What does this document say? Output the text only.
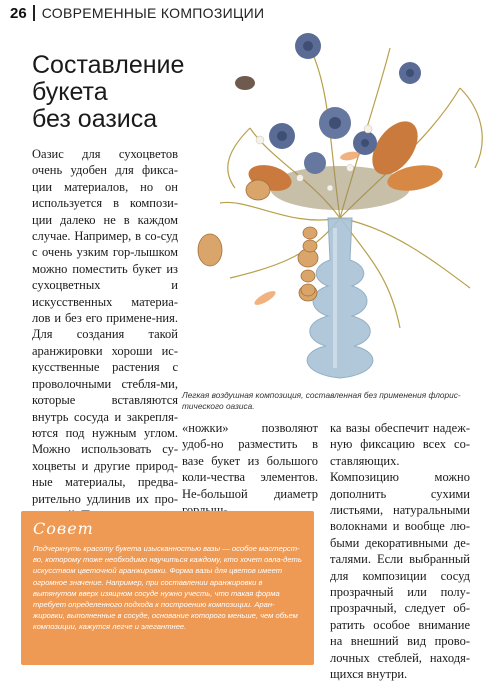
26 СОВРЕМЕННЫЕ КОМПОЗИЦИИ
Составление
букета
без оазиса

Оазис для сухоцветов очень удобен для фикса-ции материалов, но он используется в компози-ции далеко не в каждом случае. Например, в со-суд с очень узким гор-лышком можно поместить букет из сухоцветных и искусственных материа-лов и без его примене-ния. Для создания такой аранжировки хороши ис-кусственные растения с проволочными стебля-ми, которые вставляются внутрь сосуда и закрепля-ются под нужным углом. Можно использовать су-хоцветы и другие природ-ные материалы, предва-рительно удлинив их про-

Легкая воздушная композиция, составленная без применения флорис-тического оазиса.

«ножки» позволяют удоб-но разместить в вазе букет из большого коли-чества элементов. Не-большой диаметр

ка вазы обеспечит надеж-ную фиксацию всех со-ставляющих. Композицию можно дополнить сухими листьями, натуральными волокнами и вообще лю-быми декоративными де-талями. Если выбранный для композиции сосуд прозрачный или полу-прозрачный, следует об-ратить особое внимание на внешний вид прово-лочных стеблей, находя-щихся внутри.

Совет
Подчеркнуть красоту букета изысканностью вазы — особое мастерст-во, которому тоже необходимо научиться каждому, кто хочет овла-деть искусством цветочной аранжировки. Форма вазы для цветов имеет огромное значение. Например, при составлении аранжировки в вытянутом вверх изящном сосуде нужно учесть, что такая форма требует определенного подхода к построению композиции. Аран-жировки, выполненные в сосуде, основание которого меньше, чем объем композиции, кажутся легче и элегантнее.
